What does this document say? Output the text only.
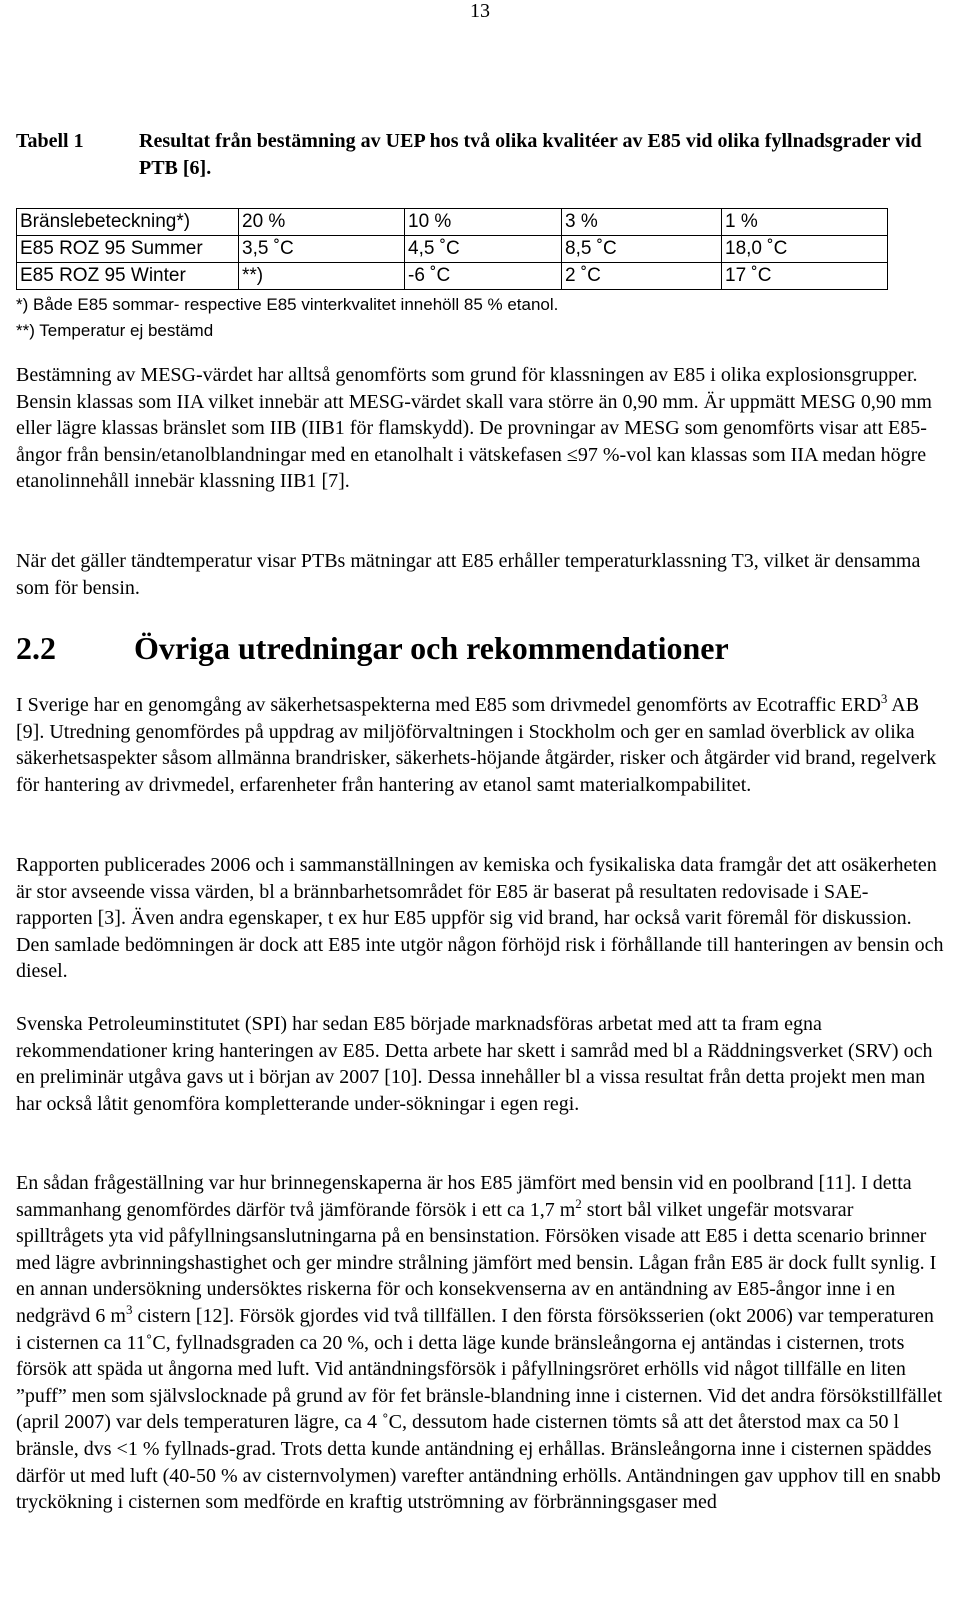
13
Tabell 1	Resultat från bestämning av UEP hos två olika kvalitéer av E85 vid olika fyllnadsgrader vid PTB [6].
Bränslebeteckning*)	20 %	10 %	3 %	1 %
E85 ROZ 95 Summer	3,5 ˚C	4,5 ˚C	8,5 ˚C	18,0 ˚C
E85 ROZ 95 Winter	**)	-6 ˚C	2 ˚C	17 ˚C
*) Både E85 sommar- respective E85 vinterkvalitet innehöll 85 % etanol.
**) Temperatur ej bestämd

Bestämning av MESG-värdet har alltså genomförts som grund för klassningen av E85 i olika explosionsgrupper. Bensin klassas som IIA vilket innebär att MESG-värdet skall vara större än 0,90 mm. Är uppmätt MESG 0,90 mm eller lägre klassas bränslet som IIB (IIB1 för flamskydd). De provningar av MESG som genomförts visar att E85-ångor från bensin/etanolblandningar med en etanolhalt i vätskefasen ≤97 %-vol kan klassas som IIA medan högre etanolinnehåll innebär klassning IIB1 [7].

När det gäller tändtemperatur visar PTBs mätningar att E85 erhåller temperaturklassning T3, vilket är densamma som för bensin.

2.2 Övriga utredningar och rekommendationer

I Sverige har en genomgång av säkerhetsaspekterna med E85 som drivmedel genomförts av Ecotraffic ERD$^3$ AB [9]. Utredning genomfördes på uppdrag av miljöförvaltningen i Stockholm och ger en samlad överblick av olika säkerhetsaspekter såsom allmänna brandrisker, säkerhets-höjande åtgärder, risker och åtgärder vid brand, regelverk för hantering av drivmedel, erfarenheter från hantering av etanol samt materialkompabilitet.

Rapporten publicerades 2006 och i sammanställningen av kemiska och fysikaliska data framgår det att osäkerheten är stor avseende vissa värden, bl a brännbarhetsområdet för E85 är baserat på resultaten redovisade i SAE-rapporten [3]. Även andra egenskaper, t ex hur E85 uppför sig vid brand, har också varit föremål för diskussion. Den samlade bedömningen är dock att E85 inte utgör någon förhöjd risk i förhållande till hanteringen av bensin och diesel.

Svenska Petroleuminstitutet (SPI) har sedan E85 började marknadsföras arbetat med att ta fram egna rekommendationer kring hanteringen av E85. Detta arbete har skett i samråd med bl a Räddningsverket (SRV) och en preliminär utgåva gavs ut i början av 2007 [10]. Dessa innehåller bl a vissa resultat från detta projekt men man har också låtit genomföra kompletterande under-sökningar i egen regi.

En sådan frågeställning var hur brinnegenskaperna är hos E85 jämfört med bensin vid en poolbrand [11]. I detta sammanhang genomfördes därför två jämförande försök i ett ca 1,7 $m^2$ stort bål vilket ungefär motsvarar spilltrågets yta vid påfyllningsanslutningarna på en bensinstation. Försöken visade att E85 i detta scenario brinner med lägre avbrinningshastighet och ger mindre strålning jämfört med bensin. Lågan från E85 är dock fullt synlig. I en annan undersökning undersöktes riskerna för och konsekvenserna av en antändning av E85-ångor inne i en nedgrävd 6 $m^3$ cistern [12]. Försök gjordes vid två tillfällen. I den första försöksserien (okt 2006) var temperaturen i cisternen ca 11˚C, fyllnadsgraden ca 20 %, och i detta läge kunde bränsleångorna ej antändas i cisternen, trots försök att späda ut ångorna med luft. Vid antändningsförsök i påfyllningsröret erhölls vid något tillfälle en liten ”puff” men som självslocknade på grund av för fet bränsle-blandning inne i cisternen. Vid det andra försökstillfället (april 2007) var dels temperaturen lägre, ca 4 ˚C, dessutom hade cisternen tömts så att det återstod max ca 50 l bränsle, dvs <1 % fyllnads-grad. Trots detta kunde antändning ej erhållas. Bränsleångorna inne i cisternen späddes därför ut med luft (40-50 % av cisternvolymen) varefter antändning erhölls. Antändningen gav upphov till en snabb tryckökning i cisternen som medförde en kraftig utströmning av förbränningsgaser med
